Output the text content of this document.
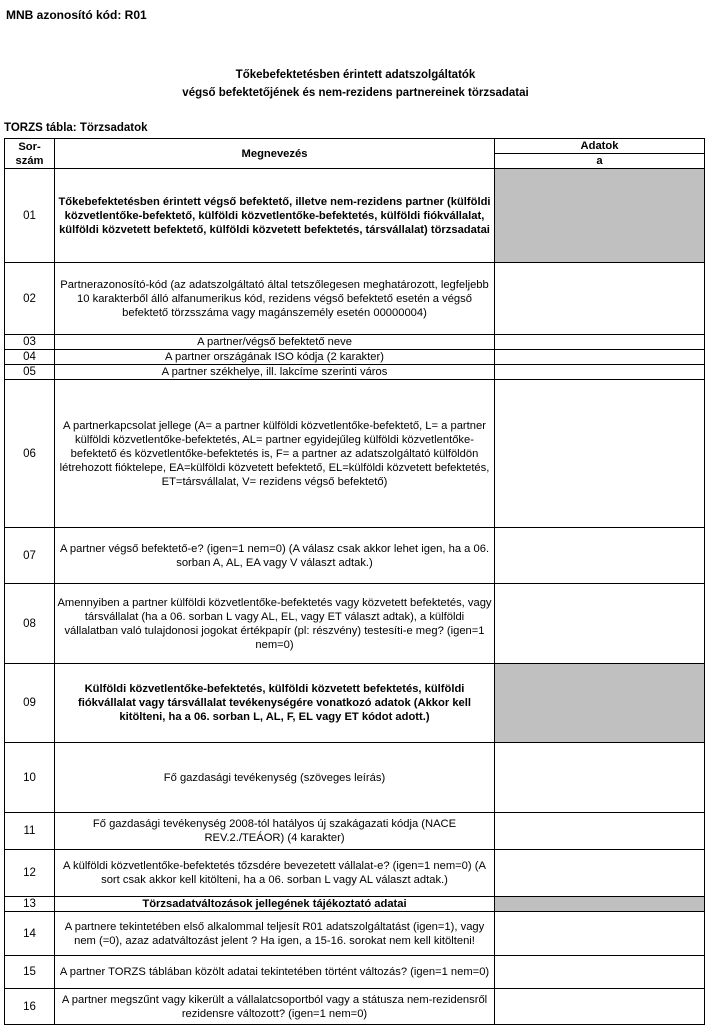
MNB azonosító kód: R01
Tőkebefektetésben érintett adatszolgáltatók
végső befektetőjének és nem-rezidens partnereinek törzsadatai
TORZS tábla: Törzsadatok
Sor-
szám	Megnevezés	Adatok
		a
01	Tőkebefektetésben érintett végső befektető, illetve nem-rezidens partner (külföldi közvetlentőke-befektető, külföldi közvetlentőke-befektetés, külföldi fiókvállalat, külföldi közvetett befektető, külföldi közvetett befektetés, társvállalat) törzsadatai	
02	Partnerazonosító-kód (az adatszolgáltató által tetszőlegesen meghatározott, legfeljebb 10 karakterből álló alfanumerikus kód, rezidens végső befektető esetén a végső befektető törzsszáma vagy magánszemély esetén 00000004)	
03	A partner/végső befektető neve	
04	A partner országának ISO kódja (2 karakter)	
05	A partner székhelye, ill. lakcíme szerinti város	
06	A partnerkapcsolat jellege (A= a partner külföldi közvetlentőke-befektető, L= a partner külföldi közvetlentőke-befektetés, AL= partner egyidejűleg külföldi közvetlentőke-befektető és közvetlentőke-befektetés is, F= a partner az adatszolgáltató külföldön létrehozott fióktelepe, EA=külföldi közvetett befektető, EL=külföldi közvetett befektetés, ET=társvállalat, V= rezidens végső befektető)	
07	A partner végső befektető-e? (igen=1 nem=0) (A válasz csak akkor lehet igen, ha a 06. sorban A, AL, EA vagy V választ adtak.)	
08	Amennyiben a partner külföldi közvetlentőke-befektetés vagy közvetett befektetés, vagy társvállalat (ha a 06. sorban L vagy AL, EL, vagy ET választ adtak), a külföldi vállalatban való tulajdonosi jogokat értékpapír (pl: részvény) testesíti-e meg? (igen=1 nem=0)	
09	Külföldi közvetlentőke-befektetés, külföldi közvetett befektetés, külföldi fiókvállalat vagy társvállalat tevékenységére vonatkozó adatok (Akkor kell kitölteni, ha a 06. sorban L, AL, F, EL vagy ET kódot adott.)	
10	Fő gazdasági tevékenység (szöveges leírás)	
11	Fő gazdasági tevékenység 2008-tól hatályos új szakágazati kódja (NACE REV.2./TEÁOR) (4 karakter)	
12	A külföldi közvetlentőke-befektetés tőzsdére bevezetett vállalat-e? (igen=1 nem=0) (A sort csak akkor kell kitölteni, ha a 06. sorban L vagy AL választ adtak.)	
13	Törzsadatváltozások jellegének tájékoztató adatai	
14	A partnere tekintetében első alkalommal teljesít R01 adatszolgáltatást (igen=1), vagy nem (=0), azaz adatváltozást jelent ? Ha igen, a 15-16. sorokat nem kell kitölteni!	
15	A partner TORZS táblában közölt adatai tekintetében történt változás? (igen=1 nem=0)	
16	A partner megszűnt vagy kikerült a vállalatcsoportból vagy a státusza nem-rezidensről rezidensre változott? (igen=1 nem=0)	
